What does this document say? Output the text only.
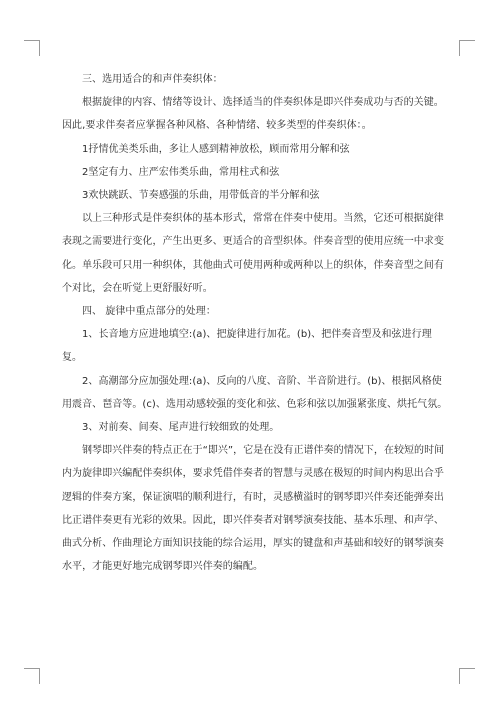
三、选用适合的和声伴奏织体：

根据旋律的内容、情绪等设计、选择适当的伴奏织体是即兴伴奏成功与否的关键。因此,要求伴奏者应掌握各种风格、各种情绪、较多类型的伴奏织体：。

1抒情优美类乐曲，多让人感到精神放松，顾而常用分解和弦

2坚定有力、庄严宏伟类乐曲，常用柱式和弦

3欢快跳跃、节奏感强的乐曲，用带低音的半分解和弦

以上三种形式是伴奏织体的基本形式，常常在伴奏中使用。当然，它还可根据旋律表现之需要进行变化，产生出更多、更适合的音型织体。伴奏音型的使用应统一中求变化。单乐段可只用一种织体，其他曲式可使用两种或两种以上的织体，伴奏音型之间有个对比，会在听觉上更舒服好听。

四、 旋律中重点部分的处理：

1、长音地方应进地填空:(a)、把旋律进行加花。(b)、把伴奏音型及和弦进行理复。

2、高潮部分应加强处理:(a)、反向的八度、音阶、半音阶进行。(b)、根据风格使用震音、琶音等。(c)、选用动感较强的变化和弦、色彩和弦以加强紧张度、烘托气氛。

3、对前奏、间奏、尾声进行较细致的处理。

钢琴即兴伴奏的特点正在于“即兴”，它是在没有正谱伴奏的情况下，在较短的时间内为旋律即兴编配伴奏织体，要求凭借伴奏者的智慧与灵感在极短的时间内构思出合乎逻辑的伴奏方案，保证演唱的顺利进行，有时，灵感横溢时的钢琴即兴伴奏还能弹奏出比正谱伴奏更有光彩的效果。因此，即兴伴奏者对钢琴演奏技能、基本乐理、和声学、曲式分析、作曲理论方面知识技能的综合运用，厚实的键盘和声基础和较好的钢琴演奏水平，才能更好地完成钢琴即兴伴奏的编配。
